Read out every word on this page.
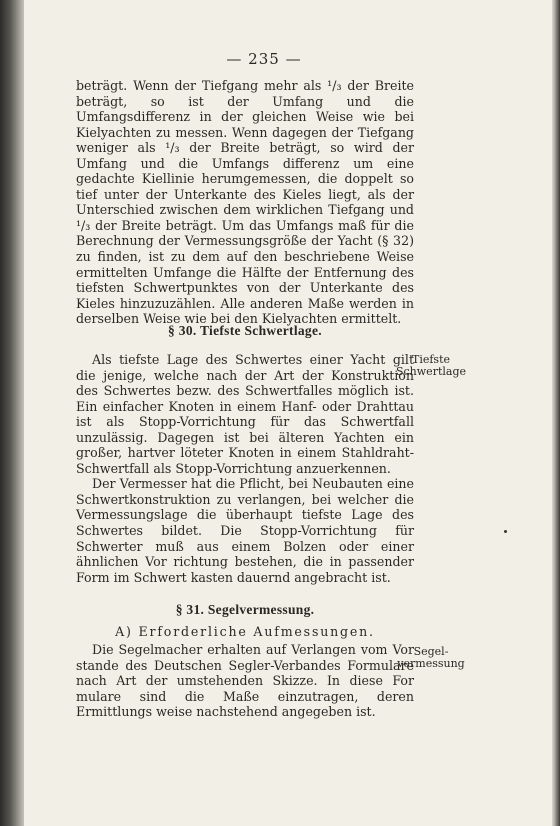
— 235 —

beträgt. Wenn der Tiefgang mehr als ¹/₃ der Breite beträgt, so ist der Umfang und die Umfangsdifferenz in der gleichen Weise wie bei Kielyachten zu messen. Wenn dagegen der Tiefgang weniger als ¹/₃ der Breite beträgt, so wird der Umfang und die Umfangs differenz um eine gedachte Kiellinie herumgemessen, die doppelt so tief unter der Unterkante des Kieles liegt, als der Unterschied zwischen dem wirklichen Tiefgang und ¹/₃ der Breite beträgt. Um das Umfangs maß für die Berechnung der Vermessungsgröße der Yacht (§ 32) zu finden, ist zu dem auf den beschriebene Weise ermittelten Umfange die Hälfte der Entfernung des tiefsten Schwertpunktes von der Unterkante des Kieles hinzuzuzählen. Alle anderen Maße werden in derselben Weise wie bei den Kielyachten ermittelt.

§ 30. Tiefste Schwertlage.
Tiefste
Schwertlage

Als tiefste Lage des Schwertes einer Yacht gilt die jenige, welche nach der Art der Konstruktion des Schwertes bezw. des Schwertfalles möglich ist. Ein einfacher Knoten in einem Hanf- oder Drahttau ist als Stopp-Vorrichtung für das Schwertfall unzulässig. Dagegen ist bei älteren Yachten ein großer, hartver löteter Knoten in einem Stahldraht-Schwertfall als Stopp-Vorrichtung anzuerkennen.

Der Vermesser hat die Pflicht, bei Neubauten eine Schwertkonstruktion zu verlangen, bei welcher die Vermessungslage die überhaupt tiefste Lage des Schwertes bildet. Die Stopp-Vorrichtung für Schwerter muß aus einem Bolzen oder einer ähnlichen Vor richtung bestehen, die in passender Form im Schwert kasten dauernd angebracht ist.

§ 31. Segelvermessung.
A) Erforderliche Aufmessungen.
Segel-
vermessung

Die Segelmacher erhalten auf Verlangen vom Vor stande des Deutschen Segler-Verbandes Formulare nach Art der umstehenden Skizze. In diese For mulare sind die Maße einzutragen, deren Ermittlungs weise nachstehend angegeben ist.
